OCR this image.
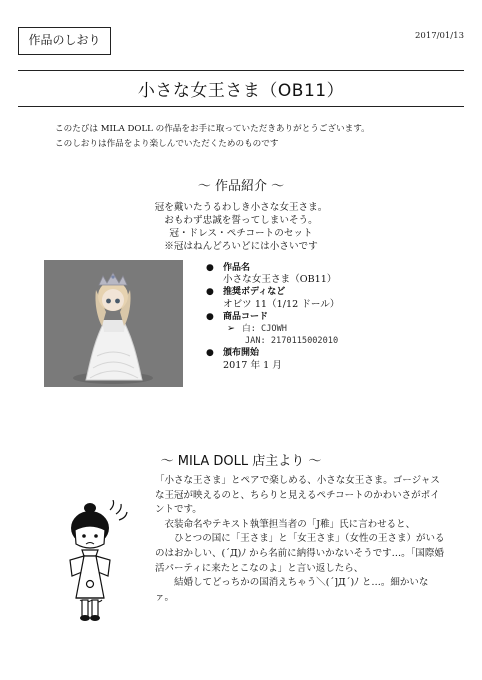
作品のしおり	2017/01/13
小さな女王さま（OB11）
このたびは MILA DOLL の作品をお手に取っていただきありがとうございます。
このしおりは作品をより楽しんでいただくためのものです
〜 作品紹介 〜
冠を戴いたうるわしき小さな女王さま。
おもわず忠誠を誓ってしまいそう。
冠・ドレス・ペチコートのセット
※冠はねんどろいどには小さいです
● 作品名
小さな女王さま（OB11）
● 推奨ボディなど
オビツ 11（1/12 ドール）
● 商品コード
➢ 白: CJOWH
JAN: 2170115002010
● 頒布開始
2017 年 1 月
〜 MILA DOLL 店主より 〜

「小さな王さま」とペアで楽しめる、小さな女王さま。ゴージャスな王冠が映えるのと、ちらりと見えるペチコートのかわいさがポイントです。

　衣装命名やテキスト執筆担当者の「J稚」氏に言わせると、

　　ひとつの国に「王さま」と「女王さま」（女性の王さま）がいるのはおかしい、(´Д)ﾉ から名前に納得いかないそうです…。「国際婚活パーティに来たとこなのよ」と言い返したら、

　　結婚してどっちかの国消えちゃう＼(´]Д´)ﾉ と…。細かいなァ。
